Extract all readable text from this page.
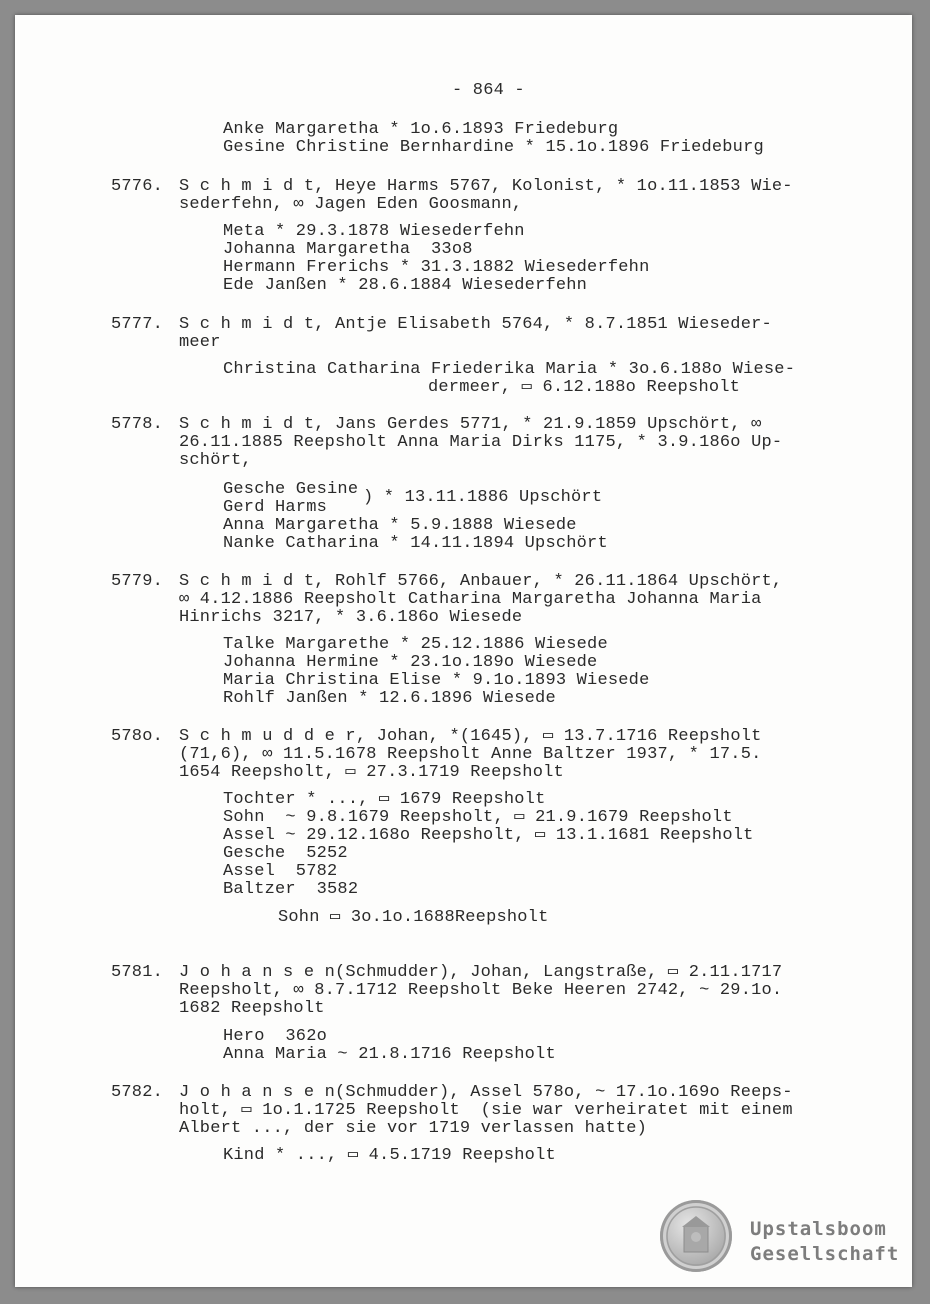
- 864 -
Anke Margaretha * 1o.6.1893 Friedeburg
Gesine Christine Bernhardine * 15.1o.1896 Friedeburg
5776. S c h m i d t, Heye Harms 5767, Kolonist, * 1o.11.1853 Wie-
sederfehn, ∞ Jagen Eden Goosmann,
Meta * 29.3.1878 Wiesederfehn
Johanna Margaretha  33o8
Hermann Frerichs * 31.3.1882 Wiesederfehn
Ede Janßen * 28.6.1884 Wiesederfehn
5777. S c h m i d t, Antje Elisabeth 5764, * 8.7.1851 Wieseder-
meer
Christina Catharina Friederika Maria * 3o.6.188o Wiese-
dermeer, ▭ 6.12.188o Reepsholt
5778. S c h m i d t, Jans Gerdes 5771, * 21.9.1859 Upschört, ∞
26.11.1885 Reepsholt Anna Maria Dirks 1175, * 3.9.186o Up-
schört,
Gesche Gesine ) * 13.11.1886 Upschört
Gerd Harms
Anna Margaretha * 5.9.1888 Wiesede
Nanke Catharina * 14.11.1894 Upschört
5779. S c h m i d t, Rohlf 5766, Anbauer, * 26.11.1864 Upschört,
∞ 4.12.1886 Reepsholt Catharina Margaretha Johanna Maria
Hinrichs 3217, * 3.6.186o Wiesede
Talke Margarethe * 25.12.1886 Wiesede
Johanna Hermine * 23.1o.189o Wiesede
Maria Christina Elise * 9.1o.1893 Wiesede
Rohlf Janßen * 12.6.1896 Wiesede
578o. S c h m u d d e r, Johan, *(1645), ▭ 13.7.1716 Reepsholt
(71,6), ∞ 11.5.1678 Reepsholt Anne Baltzer 1937, * 17.5.
1654 Reepsholt, ▭ 27.3.1719 Reepsholt
Tochter * ..., ▭ 1679 Reepsholt
Sohn  ~ 9.8.1679 Reepsholt, ▭ 21.9.1679 Reepsholt
Assel ~ 29.12.168o Reepsholt, ▭ 13.1.1681 Reepsholt
Gesche  5252
Assel  5782
Baltzer  3582
Sohn ▭ 3o.1o.1688Reepsholt
5781. J o h a n s e n(Schmudder), Johan, Langstraße, ▭ 2.11.1717
Reepsholt, ∞ 8.7.1712 Reepsholt Beke Heeren 2742, ~ 29.1o.
1682 Reepsholt
Hero  362o
Anna Maria ~ 21.8.1716 Reepsholt
5782. J o h a n s e n(Schmudder), Assel 578o, ~ 17.1o.169o Reeps-
holt, ▭ 1o.1.1725 Reepsholt  (sie war verheiratet mit einem
Albert ..., der sie vor 1719 verlassen hatte)
Kind * ..., ▭ 4.5.1719 Reepsholt
Upstalsboom
Gesellschaft
